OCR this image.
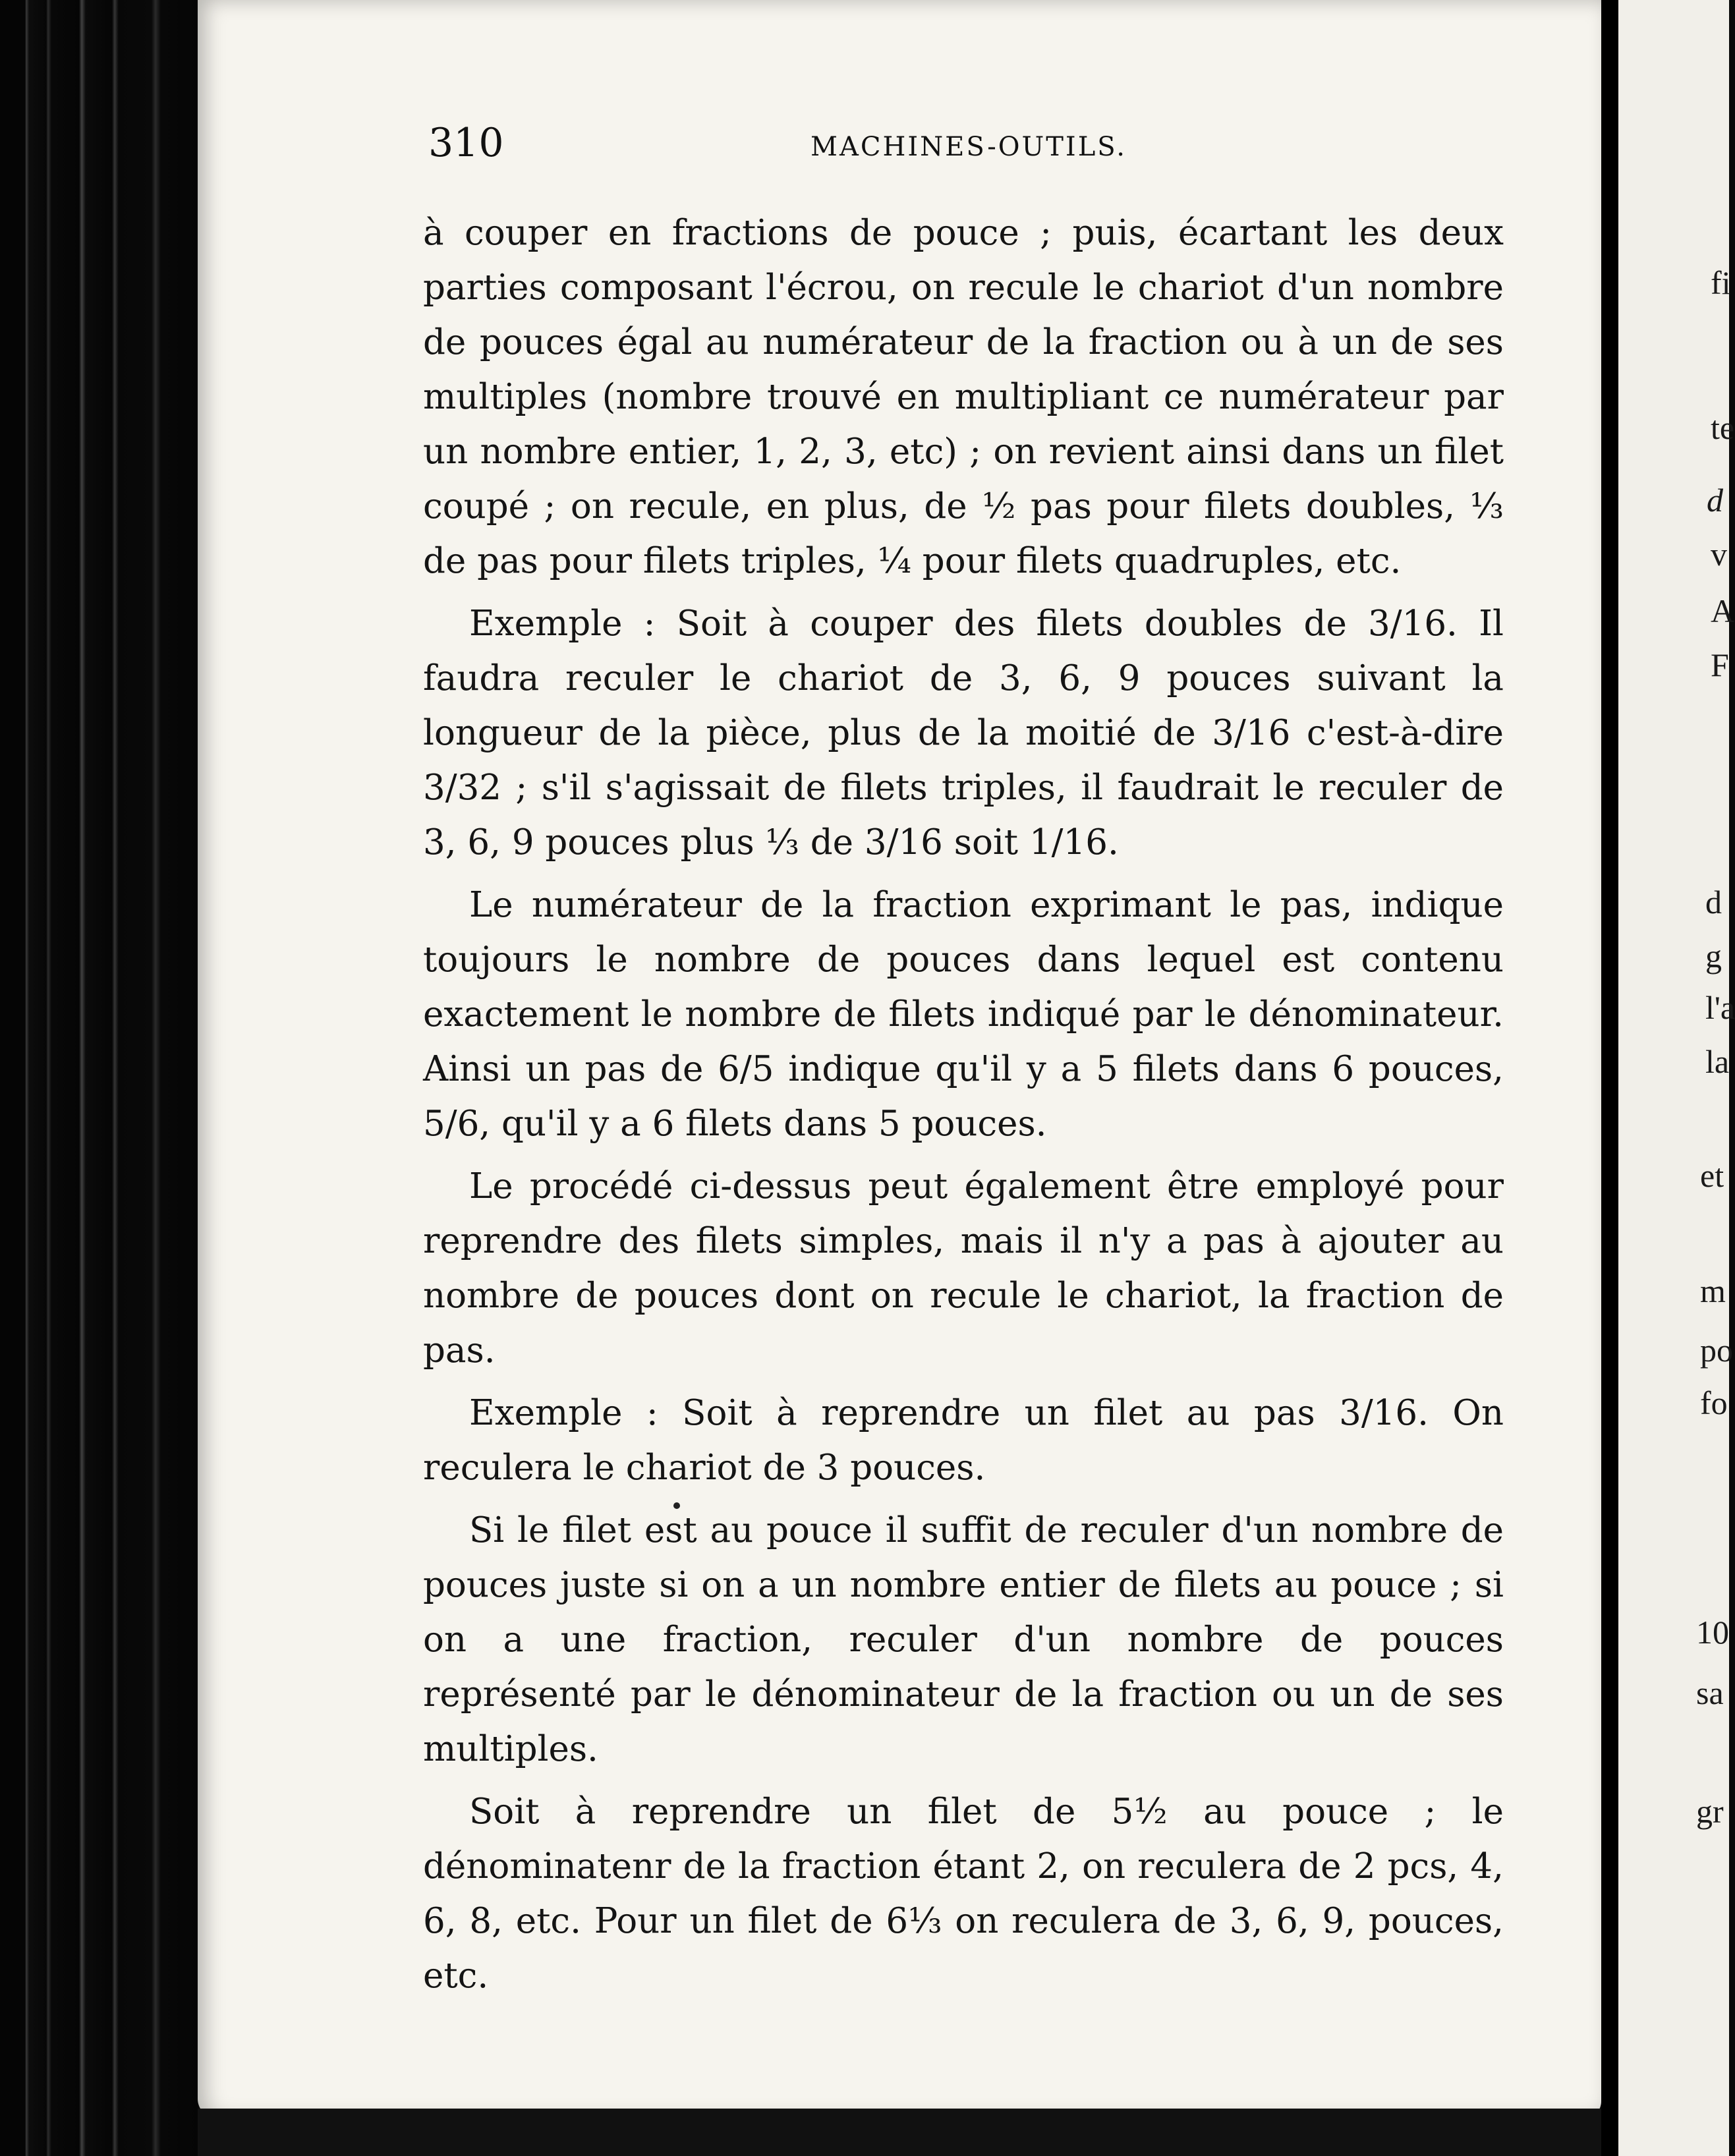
310	MACHINES-OUTILS.

à couper en fractions de pouce ; puis, écartant les deux parties composant l'écrou, on recule le chariot d'un nombre de pouces égal au numérateur de la fraction ou à un de ses multiples (nombre trouvé en multipliant ce numérateur par un nombre entier, 1, 2, 3, etc) ; on revient ainsi dans un filet coupé ; on recule, en plus, de ½ pas pour filets doubles, ⅓ de pas pour filets triples, ¼ pour filets quadruples, etc.

Exemple : Soit à couper des filets doubles de 3/16. Il faudra reculer le chariot de 3, 6, 9 pouces suivant la longueur de la pièce, plus de la moitié de 3/16 c'est-à-dire 3/32 ; s'il s'agissait de filets triples, il faudrait le reculer de 3, 6, 9 pouces plus ⅓ de 3/16 soit 1/16.

Le numérateur de la fraction exprimant le pas, indique toujours le nombre de pouces dans lequel est contenu exactement le nombre de filets indiqué par le dénominateur. Ainsi un pas de 6/5 indique qu'il y a 5 filets dans 6 pouces, 5/6, qu'il y a 6 filets dans 5 pouces.

Le procédé ci-dessus peut également être employé pour reprendre des filets simples, mais il n'y a pas à ajouter au nombre de pouces dont on recule le chariot, la fraction de pas.

Exemple : Soit à reprendre un filet au pas 3/16. On reculera le chariot de 3 pouces.

Si le filet est au pouce il suffit de reculer d'un nombre de pouces juste si on a un nombre entier de filets au pouce ; si on a une fraction, reculer d'un nombre de pouces représenté par le dénominateur de la fraction ou un de ses multiples.

Soit à reprendre un filet de 5½ au pouce ; le dénominatenr de la fraction étant 2, on reculera de 2 pcs, 4, 6, 8, etc. Pour un filet de 6⅓ on reculera de 3, 6, 9, pouces, etc.

fi
te
d
v
A
F
d
g
l'a
la
et
m
po
fo
10
sa
gr
